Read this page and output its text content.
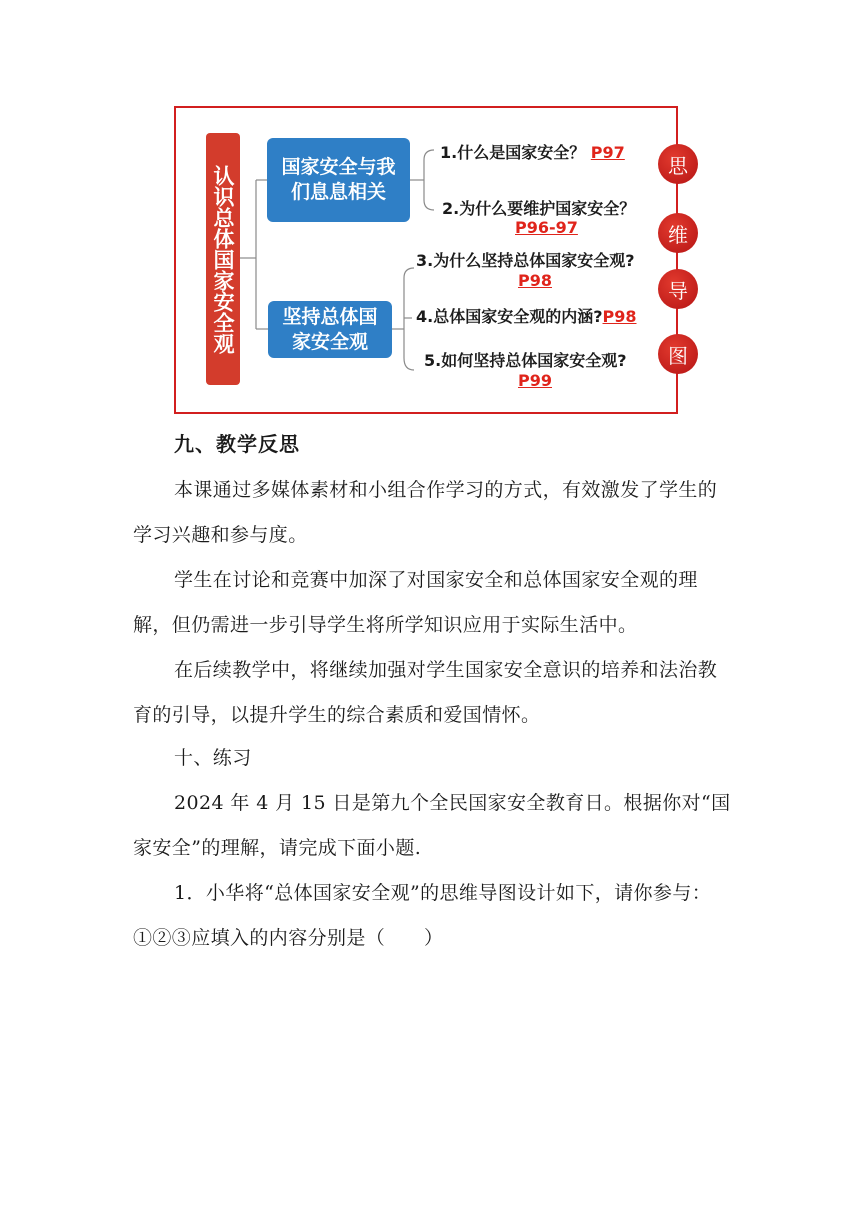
认识总体国家安全观	国家安全与我们息息相关
坚持总体国家安全观
1.什么是国家安全？ P97
2.为什么要维护国家安全？
P96-97
3.为什么坚持总体国家安全观?
P98
4.总体国家安全观的内涵?P98
5.如何坚持总体国家安全观?
P99
思
维
导
图
九、教学反思
本课通过多媒体素材和小组合作学习的方式，有效激发了学生的学习兴趣和参与度。
学生在讨论和竞赛中加深了对国家安全和总体国家安全观的理解，但仍需进一步引导学生将所学知识应用于实际生活中。
在后续教学中，将继续加强对学生国家安全意识的培养和法治教育的引导，以提升学生的综合素质和爱国情怀。
十、练习
2024 年 4 月 15 日是第九个全民国家安全教育日。根据你对“国家安全”的理解，请完成下面小题.
1．小华将“总体国家安全观”的思维导图设计如下，请你参与：①②③应填入的内容分别是（　　）
